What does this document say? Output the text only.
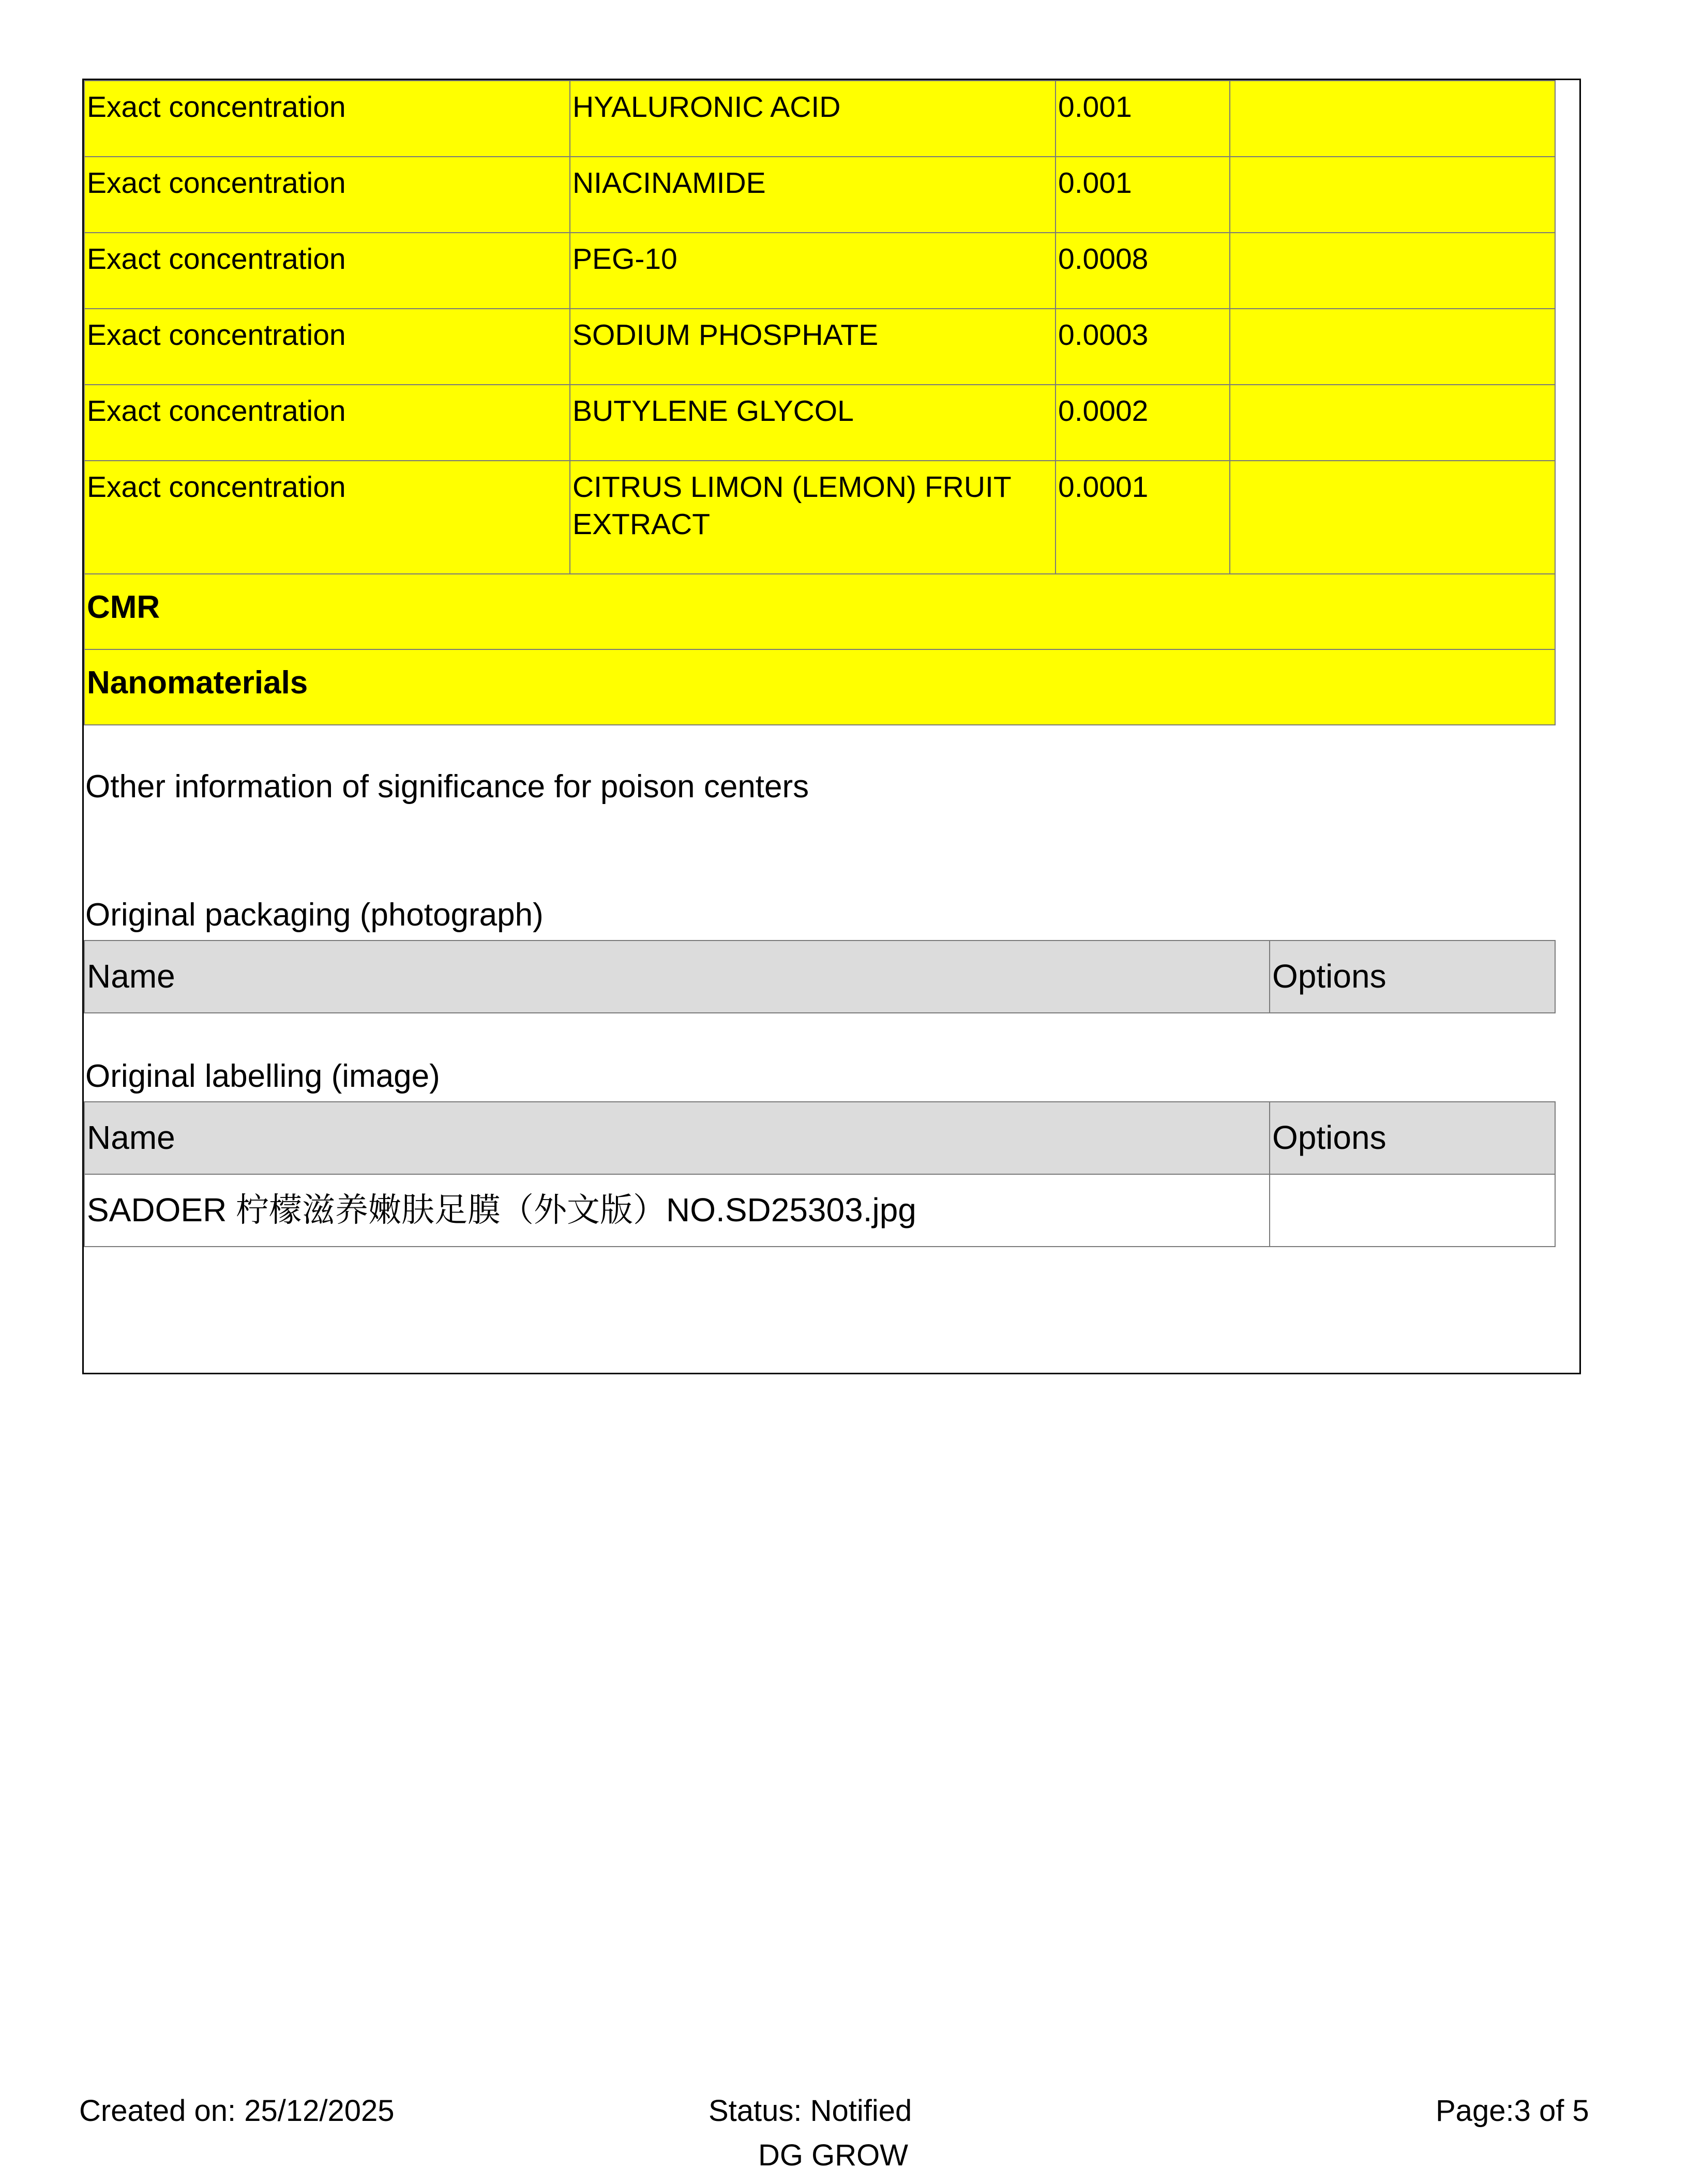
Exact concentration	HYALURONIC ACID	0.001	
Exact concentration	NIACINAMIDE	0.001	
Exact concentration	PEG-10	0.0008	
Exact concentration	SODIUM PHOSPHATE	0.0003	
Exact concentration	BUTYLENE GLYCOL	0.0002	
Exact concentration	CITRUS LIMON (LEMON) FRUIT EXTRACT	0.0001	
CMR			
Nanomaterials			
Other information of significance for poison centers
Original packaging (photograph)
Name	Options
Original labelling (image)
Name	Options
SADOER 柠檬滋养嫩肤足膜（外文版）NO.SD25303.jpg	
Created on: 25/12/2025	Status: Notified
DG GROW
Page:3 of 5
